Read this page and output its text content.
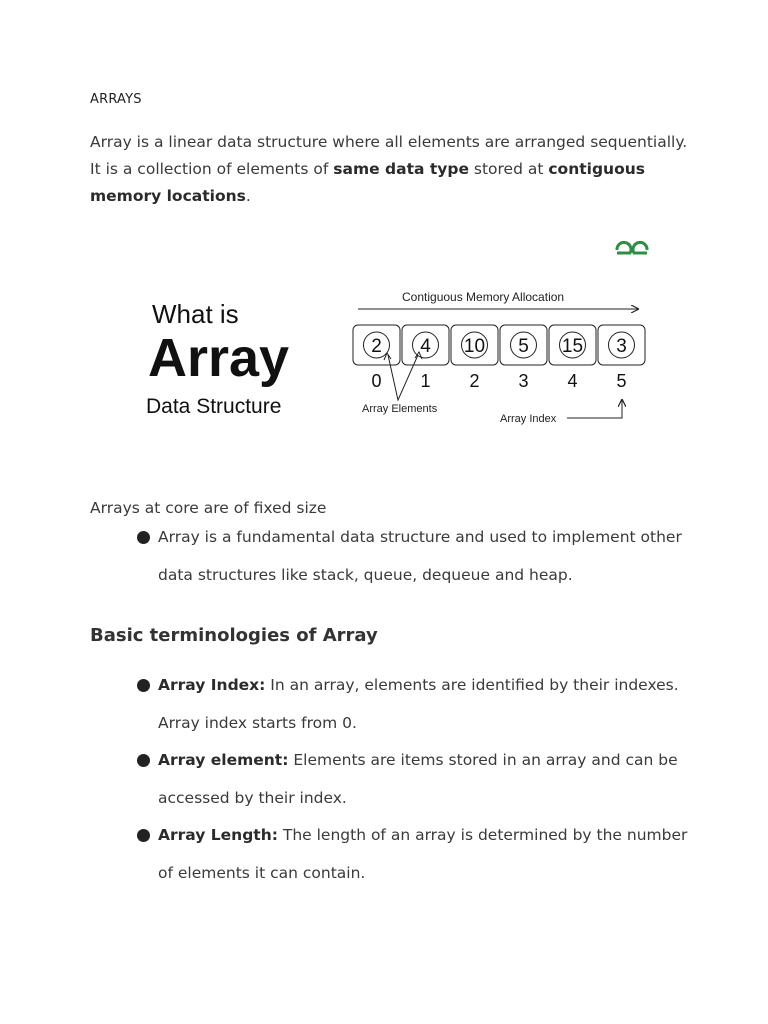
ARRAYS

Array is a linear data structure where all elements are arranged sequentially. It is a collection of elements of same data type stored at contiguous memory locations.

What is
Array
Data Structure
Contiguous Memory Allocation
2 4 10 5 15 3
0 1 2 3 4 5
Array Elements
Array Index
Arrays at core are of fixed size
Array is a fundamental data structure and used to implement other data structures like stack, queue, dequeue and heap.
Basic terminologies of Array
Array Index: In an array, elements are identified by their indexes. Array index starts from 0.
Array element: Elements are items stored in an array and can be accessed by their index.
Array Length: The length of an array is determined by the number of elements it can contain.
